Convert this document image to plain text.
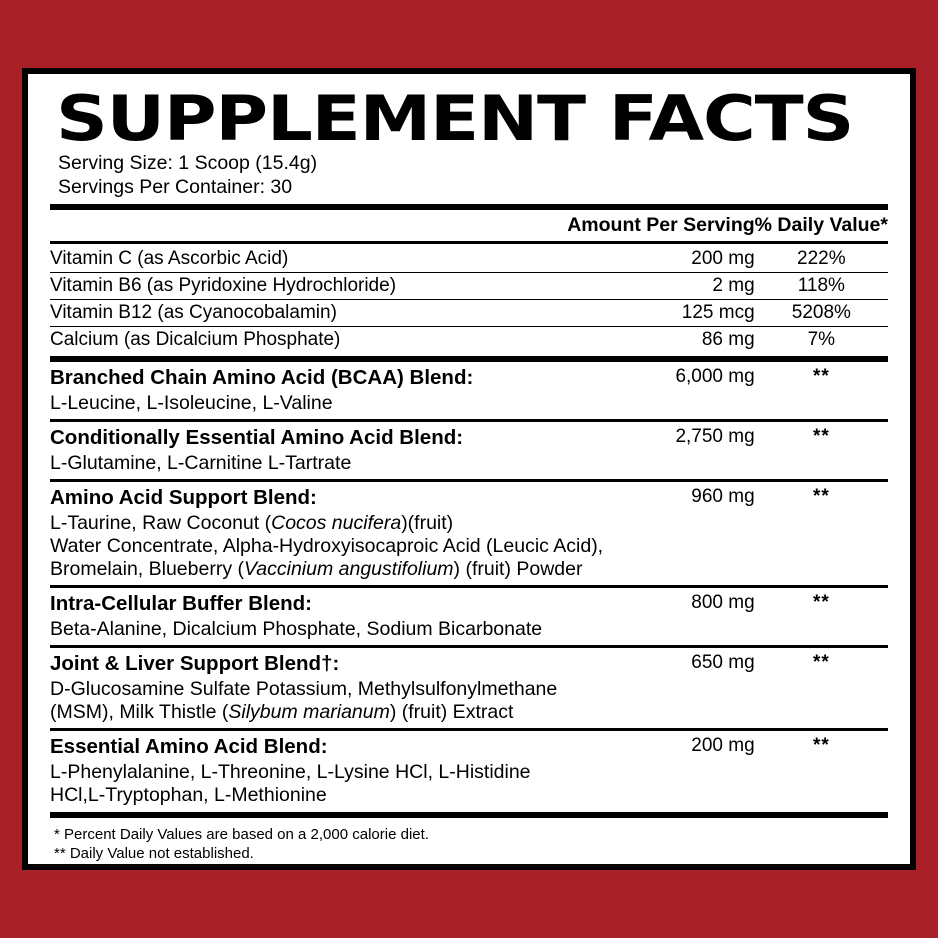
SUPPLEMENT FACTS
Serving Size: 1 Scoop (15.4g)
Servings Per Container: 30

	Amount Per Serving	% Daily Value*

Vitamin C (as Ascorbic Acid)	200 mg	222%

Vitamin B6 (as Pyridoxine Hydrochloride)	2 mg	118%

Vitamin B12 (as Cyanocobalamin)	125 mcg	5208%

Calcium (as Dicalcium Phosphate)	86 mg	7%

Branched Chain Amino Acid (BCAA) Blend:	6,000 mg	**

L-Leucine, L-Isoleucine, L-Valine		

Conditionally Essential Amino Acid Blend:	2,750 mg	**

L-Glutamine, L-Carnitine L-Tartrate		

Amino Acid Support Blend:	960 mg	**

L-Taurine, Raw Coconut (Cocos nucifera)(fruit)
Water Concentrate, Alpha-Hydroxyisocaproic Acid (Leucic Acid),
Bromelain, Blueberry (Vaccinium angustifolium) (fruit) Powder		

Intra-Cellular Buffer Blend:	800 mg	**

Beta-Alanine, Dicalcium Phosphate, Sodium Bicarbonate		

Joint & Liver Support Blend†:	650 mg	**

D-Glucosamine Sulfate Potassium, Methylsulfonylmethane
(MSM), Milk Thistle (Silybum marianum) (fruit) Extract		

Essential Amino Acid Blend:	200 mg	**

L-Phenylalanine, L-Threonine, L-Lysine HCl, L-Histidine
HCl,L-Tryptophan, L-Methionine		

* Percent Daily Values are based on a 2,000 calorie diet.
** Daily Value not established.
